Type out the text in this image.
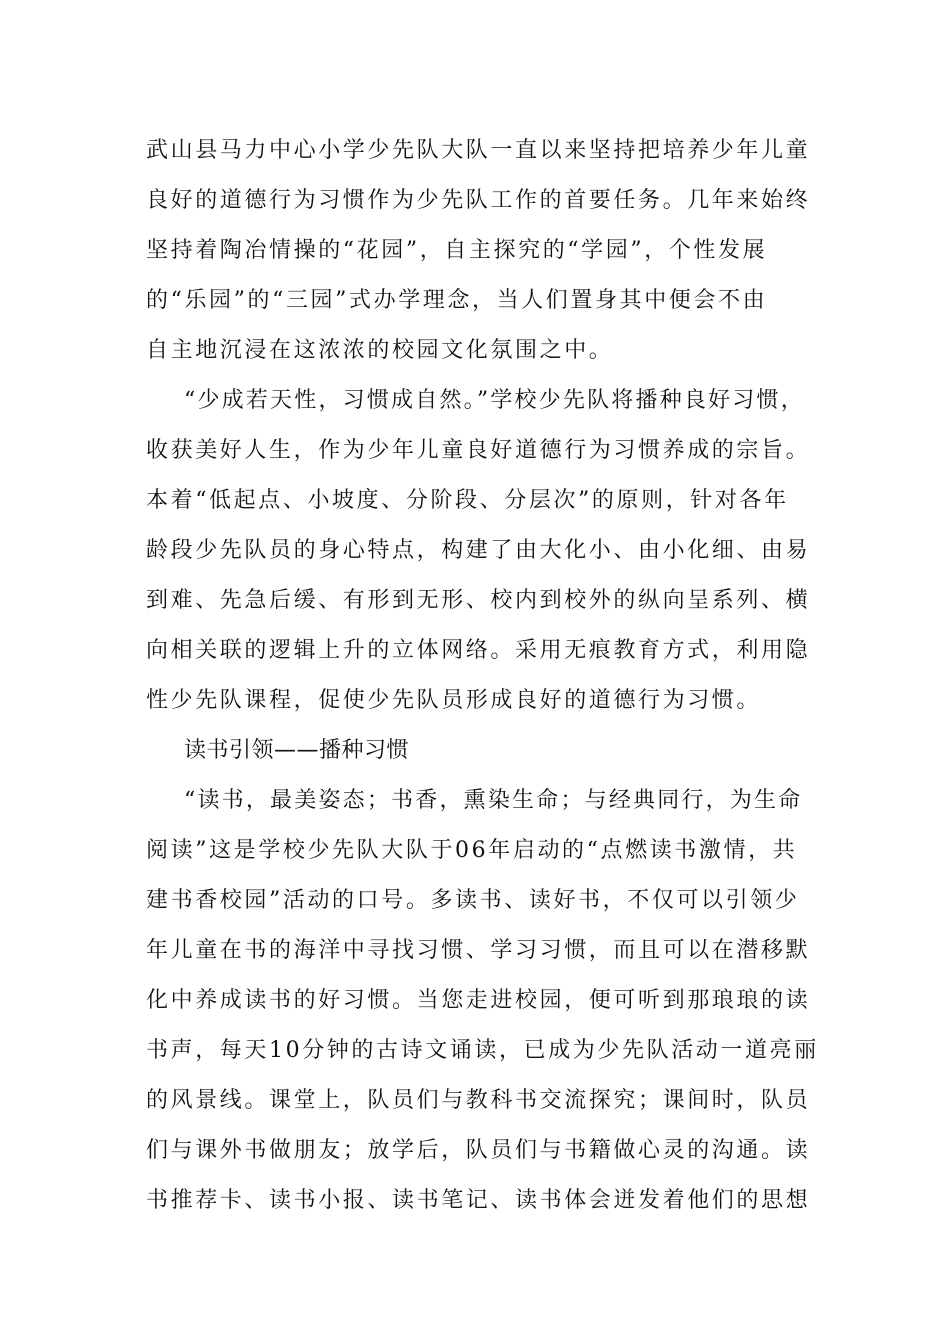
武山县马力中心小学少先队大队一直以来坚持把培养少年儿童
良好的道德行为习惯作为少先队工作的首要任务。几年来始终
坚持着陶冶情操的“花园”，自主探究的“学园”，个性发展
的“乐园”的“三园”式办学理念，当人们置身其中便会不由
自主地沉浸在这浓浓的校园文化氛围之中。
“少成若天性，习惯成自然。”学校少先队将播种良好习惯，
收获美好人生，作为少年儿童良好道德行为习惯养成的宗旨。
本着“低起点、小坡度、分阶段、分层次”的原则，针对各年
龄段少先队员的身心特点，构建了由大化小、由小化细、由易
到难、先急后缓、有形到无形、校内到校外的纵向呈系列、横
向相关联的逻辑上升的立体网络。采用无痕教育方式，利用隐
性少先队课程，促使少先队员形成良好的道德行为习惯。
读书引领——播种习惯
“读书，最美姿态；书香，熏染生命；与经典同行，为生命
阅读”这是学校少先队大队于06年启动的“点燃读书激情，共
建书香校园”活动的口号。多读书、读好书，不仅可以引领少
年儿童在书的海洋中寻找习惯、学习习惯，而且可以在潜移默
化中养成读书的好习惯。当您走进校园，便可听到那琅琅的读
书声，每天10分钟的古诗文诵读，已成为少先队活动一道亮丽
的风景线。课堂上，队员们与教科书交流探究；课间时，队员
们与课外书做朋友；放学后，队员们与书籍做心灵的沟通。读
书推荐卡、读书小报、读书笔记、读书体会迸发着他们的思想
